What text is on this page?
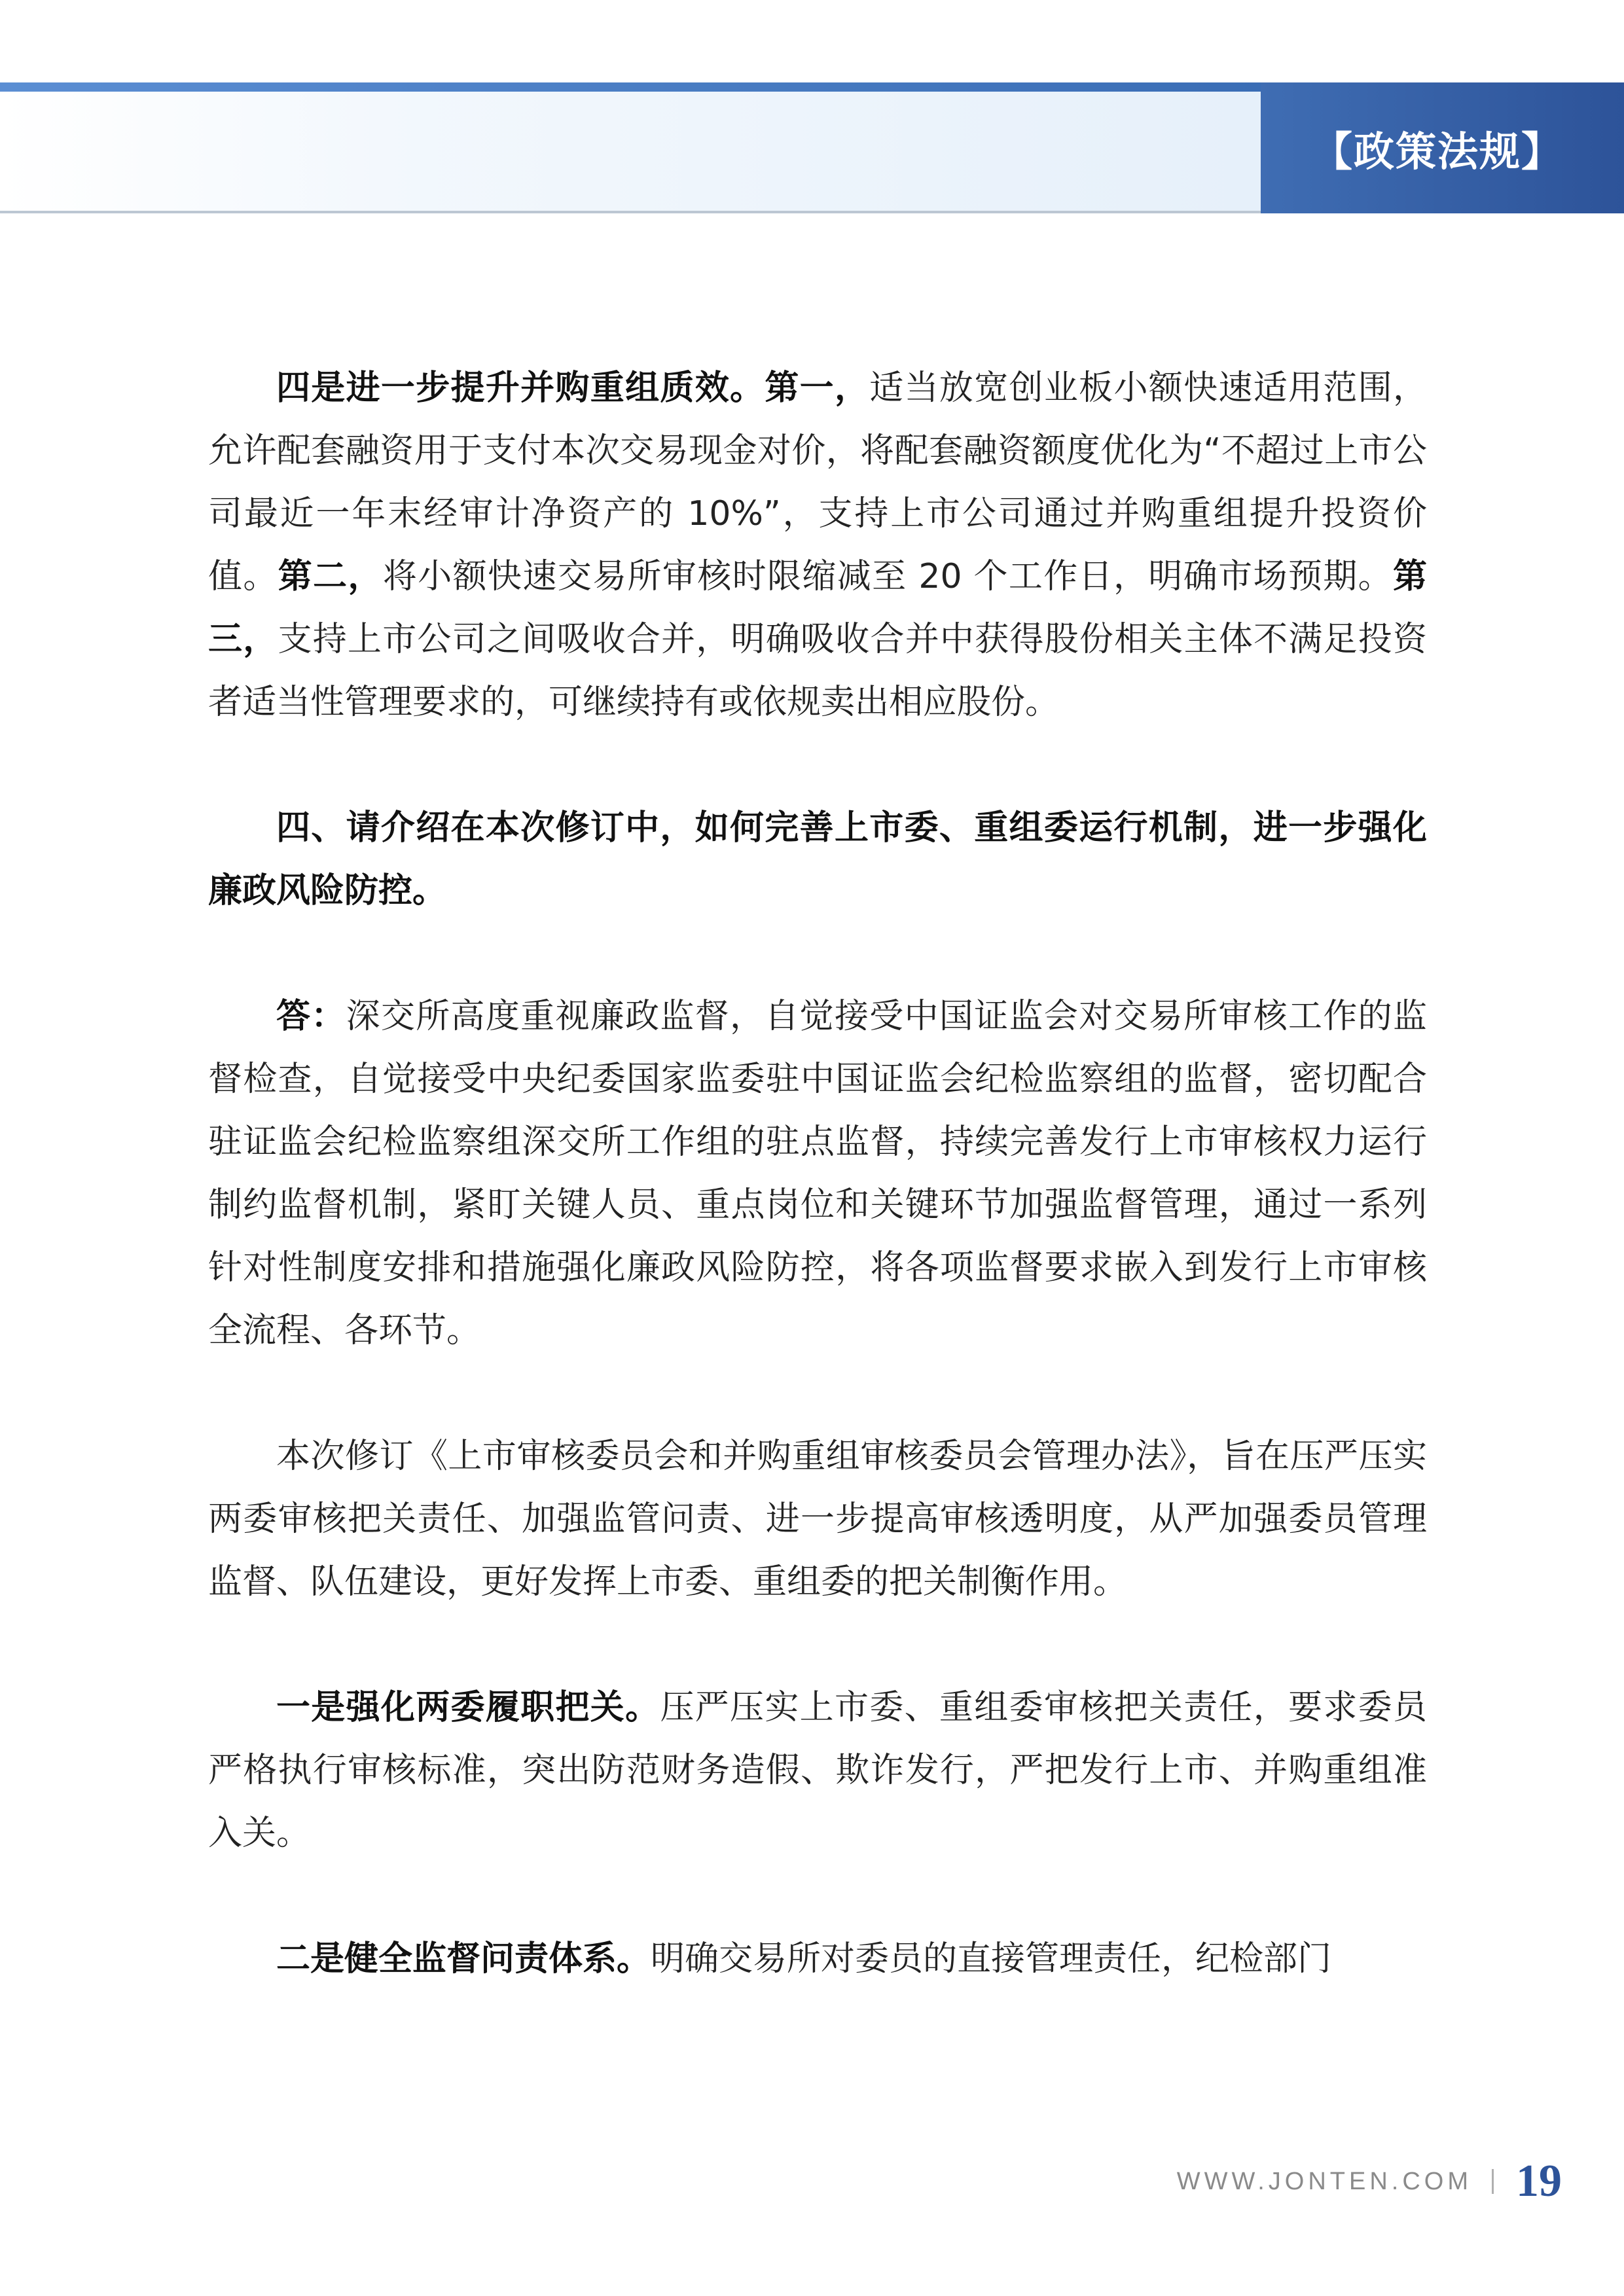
【政策法规】

四是进一步提升并购重组质效。第一，适当放宽创业板小额快速适用范围，允许配套融资用于支付本次交易现金对价，将配套融资额度优化为“不超过上市公司最近一年末经审计净资产的 10%”，支持上市公司通过并购重组提升投资价值。第二，将小额快速交易所审核时限缩减至 20 个工作日，明确市场预期。第三，支持上市公司之间吸收合并，明确吸收合并中获得股份相关主体不满足投资者适当性管理要求的，可继续持有或依规卖出相应股份。

四、请介绍在本次修订中，如何完善上市委、重组委运行机制，进一步强化廉政风险防控。

答：深交所高度重视廉政监督，自觉接受中国证监会对交易所审核工作的监督检查，自觉接受中央纪委国家监委驻中国证监会纪检监察组的监督，密切配合驻证监会纪检监察组深交所工作组的驻点监督，持续完善发行上市审核权力运行制约监督机制，紧盯关键人员、重点岗位和关键环节加强监督管理，通过一系列针对性制度安排和措施强化廉政风险防控，将各项监督要求嵌入到发行上市审核全流程、各环节。

本次修订《上市审核委员会和并购重组审核委员会管理办法》，旨在压严压实两委审核把关责任、加强监管问责、进一步提高审核透明度，从严加强委员管理监督、队伍建设，更好发挥上市委、重组委的把关制衡作用。

一是强化两委履职把关。压严压实上市委、重组委审核把关责任，要求委员严格执行审核标准，突出防范财务造假、欺诈发行，严把发行上市、并购重组准入关。

二是健全监督问责体系。明确交易所对委员的直接管理责任，纪检部门

WWW.JONTEN.COM 19
